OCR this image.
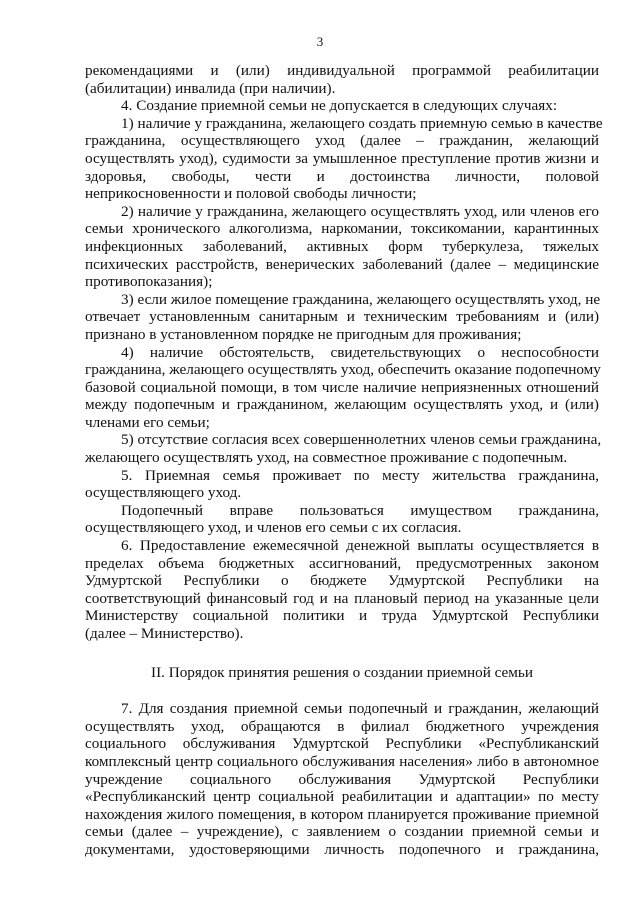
3
рекомендациями и (или) индивидуальной программой реабилитации
(абилитации) инвалида (при наличии).
4. Создание приемной семьи не допускается в следующих случаях:
1) наличие у гражданина, желающего создать приемную семью в качестве
гражданина, осуществляющего уход (далее – гражданин, желающий
осуществлять уход), судимости за умышленное преступление против жизни и
здоровья, свободы, чести и достоинства личности, половой
неприкосновенности и половой свободы личности;
2) наличие у гражданина, желающего осуществлять уход, или членов его
семьи хронического алкоголизма, наркомании, токсикомании, карантинных
инфекционных заболеваний, активных форм туберкулеза, тяжелых
психических расстройств, венерических заболеваний (далее – медицинские
противопоказания);
3) если жилое помещение гражданина, желающего осуществлять уход, не
отвечает установленным санитарным и техническим требованиям и (или)
признано в установленном порядке не пригодным для проживания;
4) наличие обстоятельств, свидетельствующих о неспособности
гражданина, желающего осуществлять уход, обеспечить оказание подопечному
базовой социальной помощи, в том числе наличие неприязненных отношений
между подопечным и гражданином, желающим осуществлять уход, и (или)
членами его семьи;
5) отсутствие согласия всех совершеннолетних членов семьи гражданина,
желающего осуществлять уход, на совместное проживание с подопечным.
5. Приемная семья проживает по месту жительства гражданина,
осуществляющего уход.
Подопечный вправе пользоваться имуществом гражданина,
осуществляющего уход, и членов его семьи с их согласия.
6. Предоставление ежемесячной денежной выплаты осуществляется в
пределах объема бюджетных ассигнований, предусмотренных законом
Удмуртской Республики о бюджете Удмуртской Республики на
соответствующий финансовый год и на плановый период на указанные цели
Министерству социальной политики и труда Удмуртской Республики
(далее – Министерство).
II. Порядок принятия решения о создании приемной семьи
7. Для создания приемной семьи подопечный и гражданин, желающий
осуществлять уход, обращаются в филиал бюджетного учреждения
социального обслуживания Удмуртской Республики «Республиканский
комплексный центр социального обслуживания населения» либо в автономное
учреждение социального обслуживания Удмуртской Республики
«Республиканский центр социальной реабилитации и адаптации» по месту
нахождения жилого помещения, в котором планируется проживание приемной
семьи (далее – учреждение), с заявлением о создании приемной семьи и
документами, удостоверяющими личность подопечного и гражданина,
